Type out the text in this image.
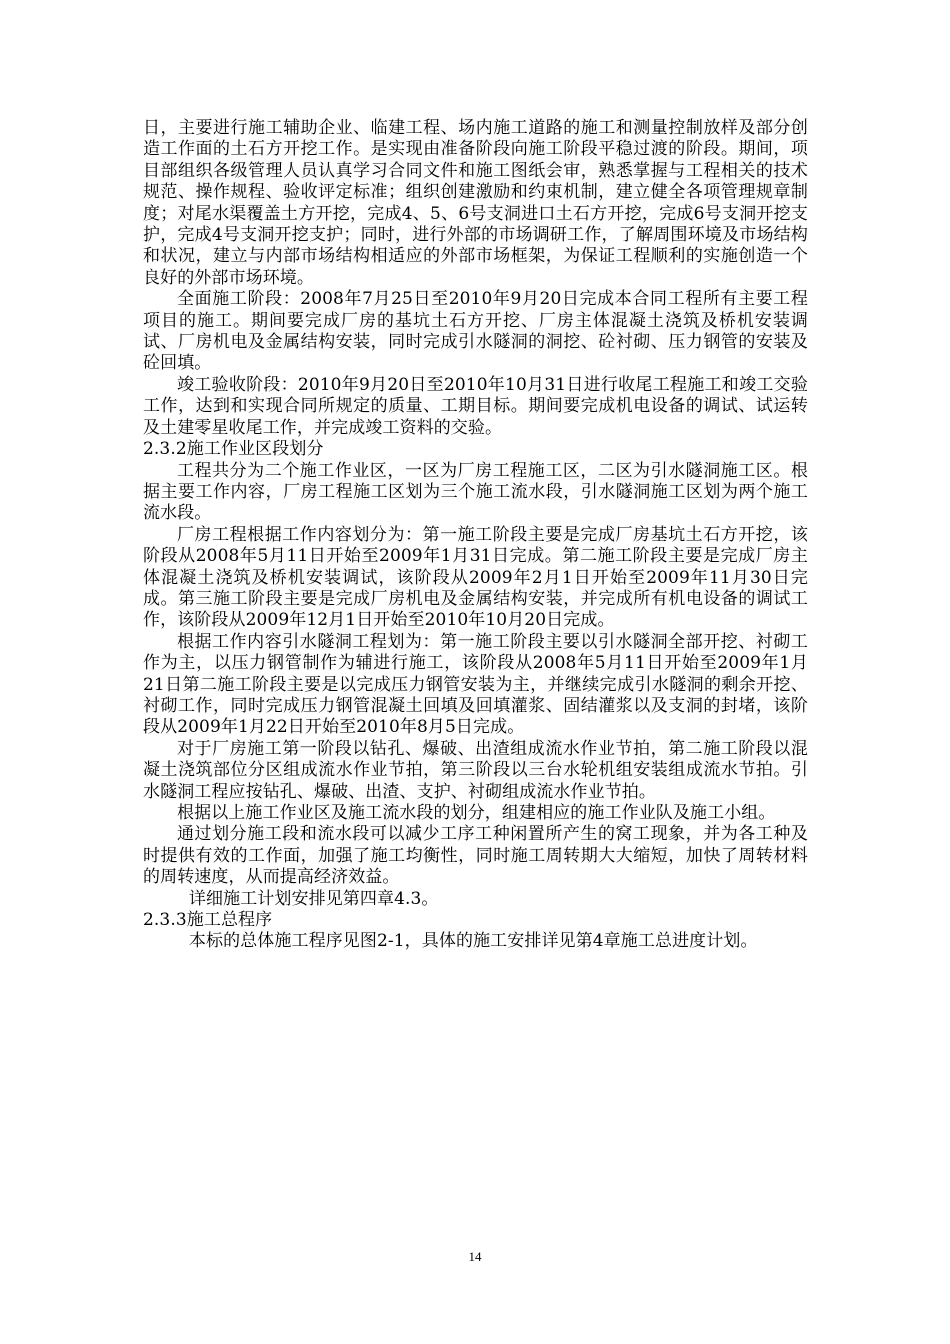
日，主要进行施工辅助企业、临建工程、场内施工道路的施工和测量控制放样及部分创造工作面的土石方开挖工作。是实现由准备阶段向施工阶段平稳过渡的阶段。期间，项目部组织各级管理人员认真学习合同文件和施工图纸会审，熟悉掌握与工程相关的技术规范、操作规程、验收评定标准；组织创建激励和约束机制，建立健全各项管理规章制度；对尾水渠覆盖土方开挖，完成4、5、6号支洞进口土石方开挖，完成6号支洞开挖支护，完成4号支洞开挖支护；同时，进行外部的市场调研工作，了解周围环境及市场结构和状况，建立与内部市场结构相适应的外部市场框架，为保证工程顺利的实施创造一个良好的外部市场环境。

全面施工阶段：2008年7月25日至2010年9月20日完成本合同工程所有主要工程项目的施工。期间要完成厂房的基坑土石方开挖、厂房主体混凝土浇筑及桥机安装调试、厂房机电及金属结构安装，同时完成引水隧洞的洞挖、砼衬砌、压力钢管的安装及砼回填。

竣工验收阶段：2010年9月20日至2010年10月31日进行收尾工程施工和竣工交验工作，达到和实现合同所规定的质量、工期目标。期间要完成机电设备的调试、试运转及土建零星收尾工作，并完成竣工资料的交验。

2.3.2施工作业区段划分

工程共分为二个施工作业区，一区为厂房工程施工区，二区为引水隧洞施工区。根据主要工作内容，厂房工程施工区划为三个施工流水段，引水隧洞施工区划为两个施工流水段。

厂房工程根据工作内容划分为：第一施工阶段主要是完成厂房基坑土石方开挖，该阶段从2008年5月11日开始至2009年1月31日完成。第二施工阶段主要是完成厂房主体混凝土浇筑及桥机安装调试，该阶段从2009年2月1日开始至2009年11月30日完成。第三施工阶段主要是完成厂房机电及金属结构安装，并完成所有机电设备的调试工作，该阶段从2009年12月1日开始至2010年10月20日完成。

根据工作内容引水隧洞工程划为：第一施工阶段主要以引水隧洞全部开挖、衬砌工作为主，以压力钢管制作为辅进行施工，该阶段从2008年5月11日开始至2009年1月21日第二施工阶段主要是以完成压力钢管安装为主，并继续完成引水隧洞的剩余开挖、衬砌工作，同时完成压力钢管混凝土回填及回填灌浆、固结灌浆以及支洞的封堵，该阶段从2009年1月22日开始至2010年8月5日完成。

对于厂房施工第一阶段以钻孔、爆破、出渣组成流水作业节拍，第二施工阶段以混凝土浇筑部位分区组成流水作业节拍，第三阶段以三台水轮机组安装组成流水节拍。引水隧洞工程应按钻孔、爆破、出渣、支护、衬砌组成流水作业节拍。

根据以上施工作业区及施工流水段的划分，组建相应的施工作业队及施工小组。

通过划分施工段和流水段可以减少工序工种闲置所产生的窝工现象，并为各工种及时提供有效的工作面，加强了施工均衡性，同时施工周转期大大缩短，加快了周转材料的周转速度，从而提高经济效益。

详细施工计划安排见第四章4.3。

2.3.3施工总程序

本标的总体施工程序见图2-1，具体的施工安排详见第4章施工总进度计划。

14
